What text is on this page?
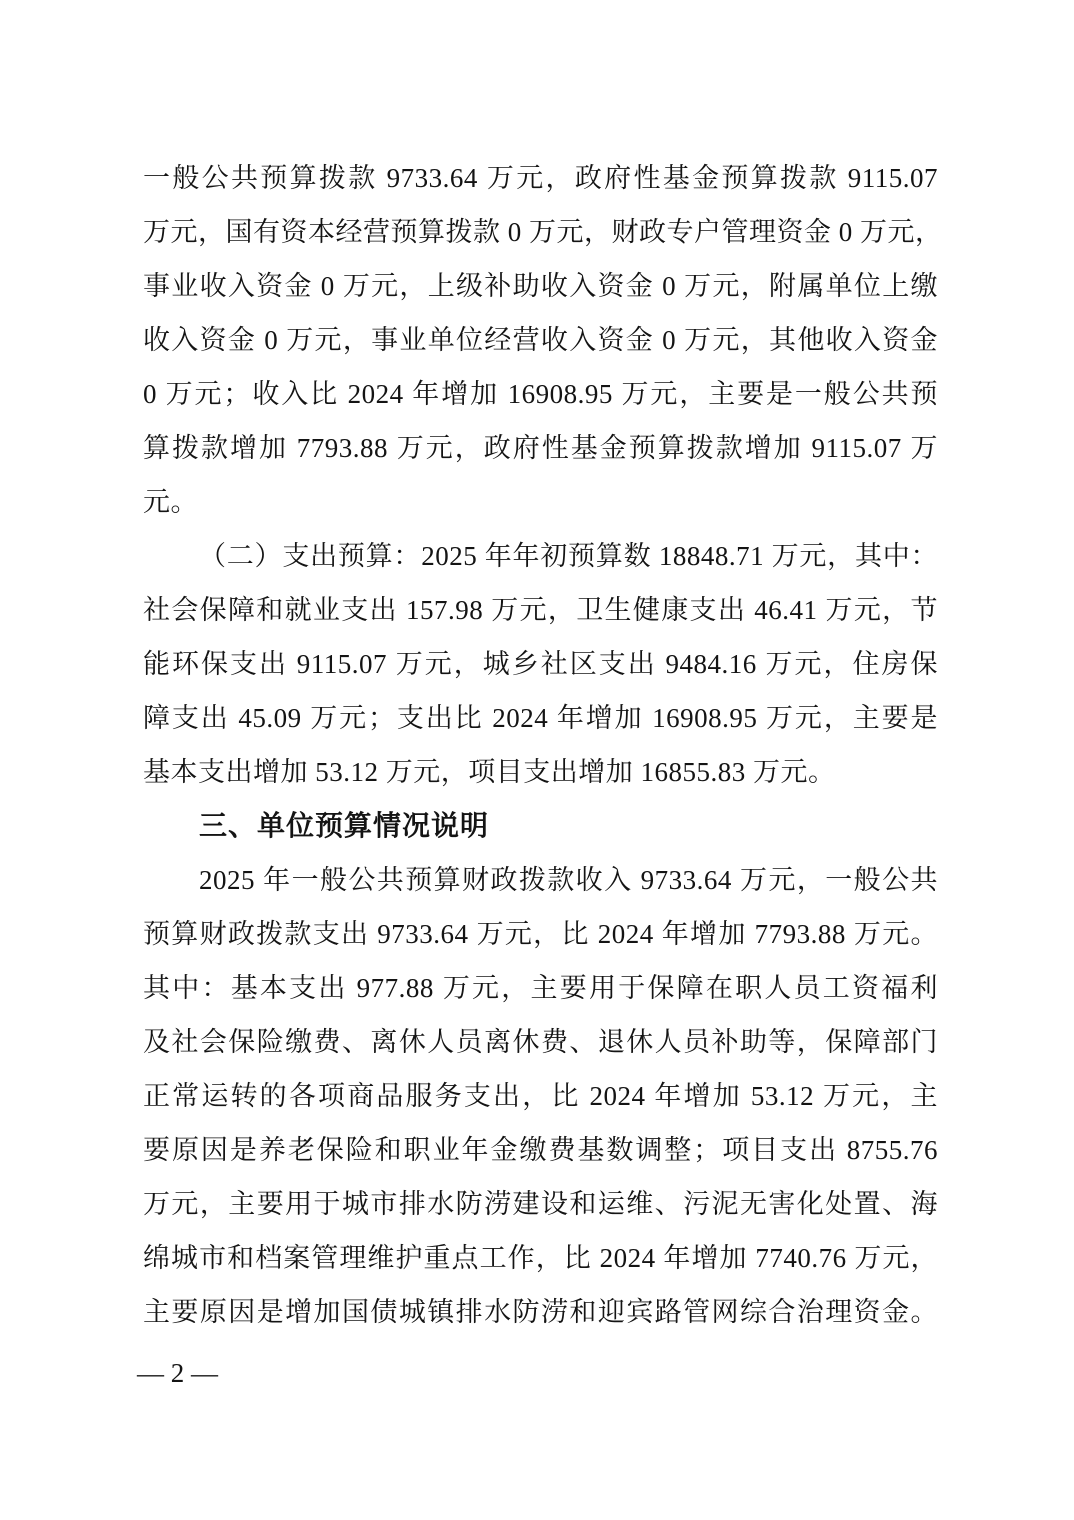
一般公共预算拨款 9733.64 万元，政府性基金预算拨款 9115.07
万元，国有资本经营预算拨款 0 万元，财政专户管理资金 0 万元，
事业收入资金 0 万元，上级补助收入资金 0 万元，附属单位上缴
收入资金 0 万元，事业单位经营收入资金 0 万元，其他收入资金
0 万元；收入比 2024 年增加 16908.95 万元，主要是一般公共预
算拨款增加 7793.88 万元，政府性基金预算拨款增加 9115.07 万
元。
（二）支出预算：2025 年年初预算数 18848.71 万元，其中：
社会保障和就业支出 157.98 万元，卫生健康支出 46.41 万元，节
能环保支出 9115.07 万元，城乡社区支出 9484.16 万元，住房保
障支出 45.09 万元；支出比 2024 年增加 16908.95 万元，主要是
基本支出增加 53.12 万元，项目支出增加 16855.83 万元。
三、单位预算情况说明
2025 年一般公共预算财政拨款收入 9733.64 万元，一般公共
预算财政拨款支出 9733.64 万元，比 2024 年增加 7793.88 万元。
其中：基本支出 977.88 万元，主要用于保障在职人员工资福利
及社会保险缴费、离休人员离休费、退休人员补助等，保障部门
正常运转的各项商品服务支出，比 2024 年增加 53.12 万元，主
要原因是养老保险和职业年金缴费基数调整；项目支出 8755.76
万元，主要用于城市排水防涝建设和运维、污泥无害化处置、海
绵城市和档案管理维护重点工作，比 2024 年增加 7740.76 万元，
主要原因是增加国债城镇排水防涝和迎宾路管网综合治理资金。
— 2 —
